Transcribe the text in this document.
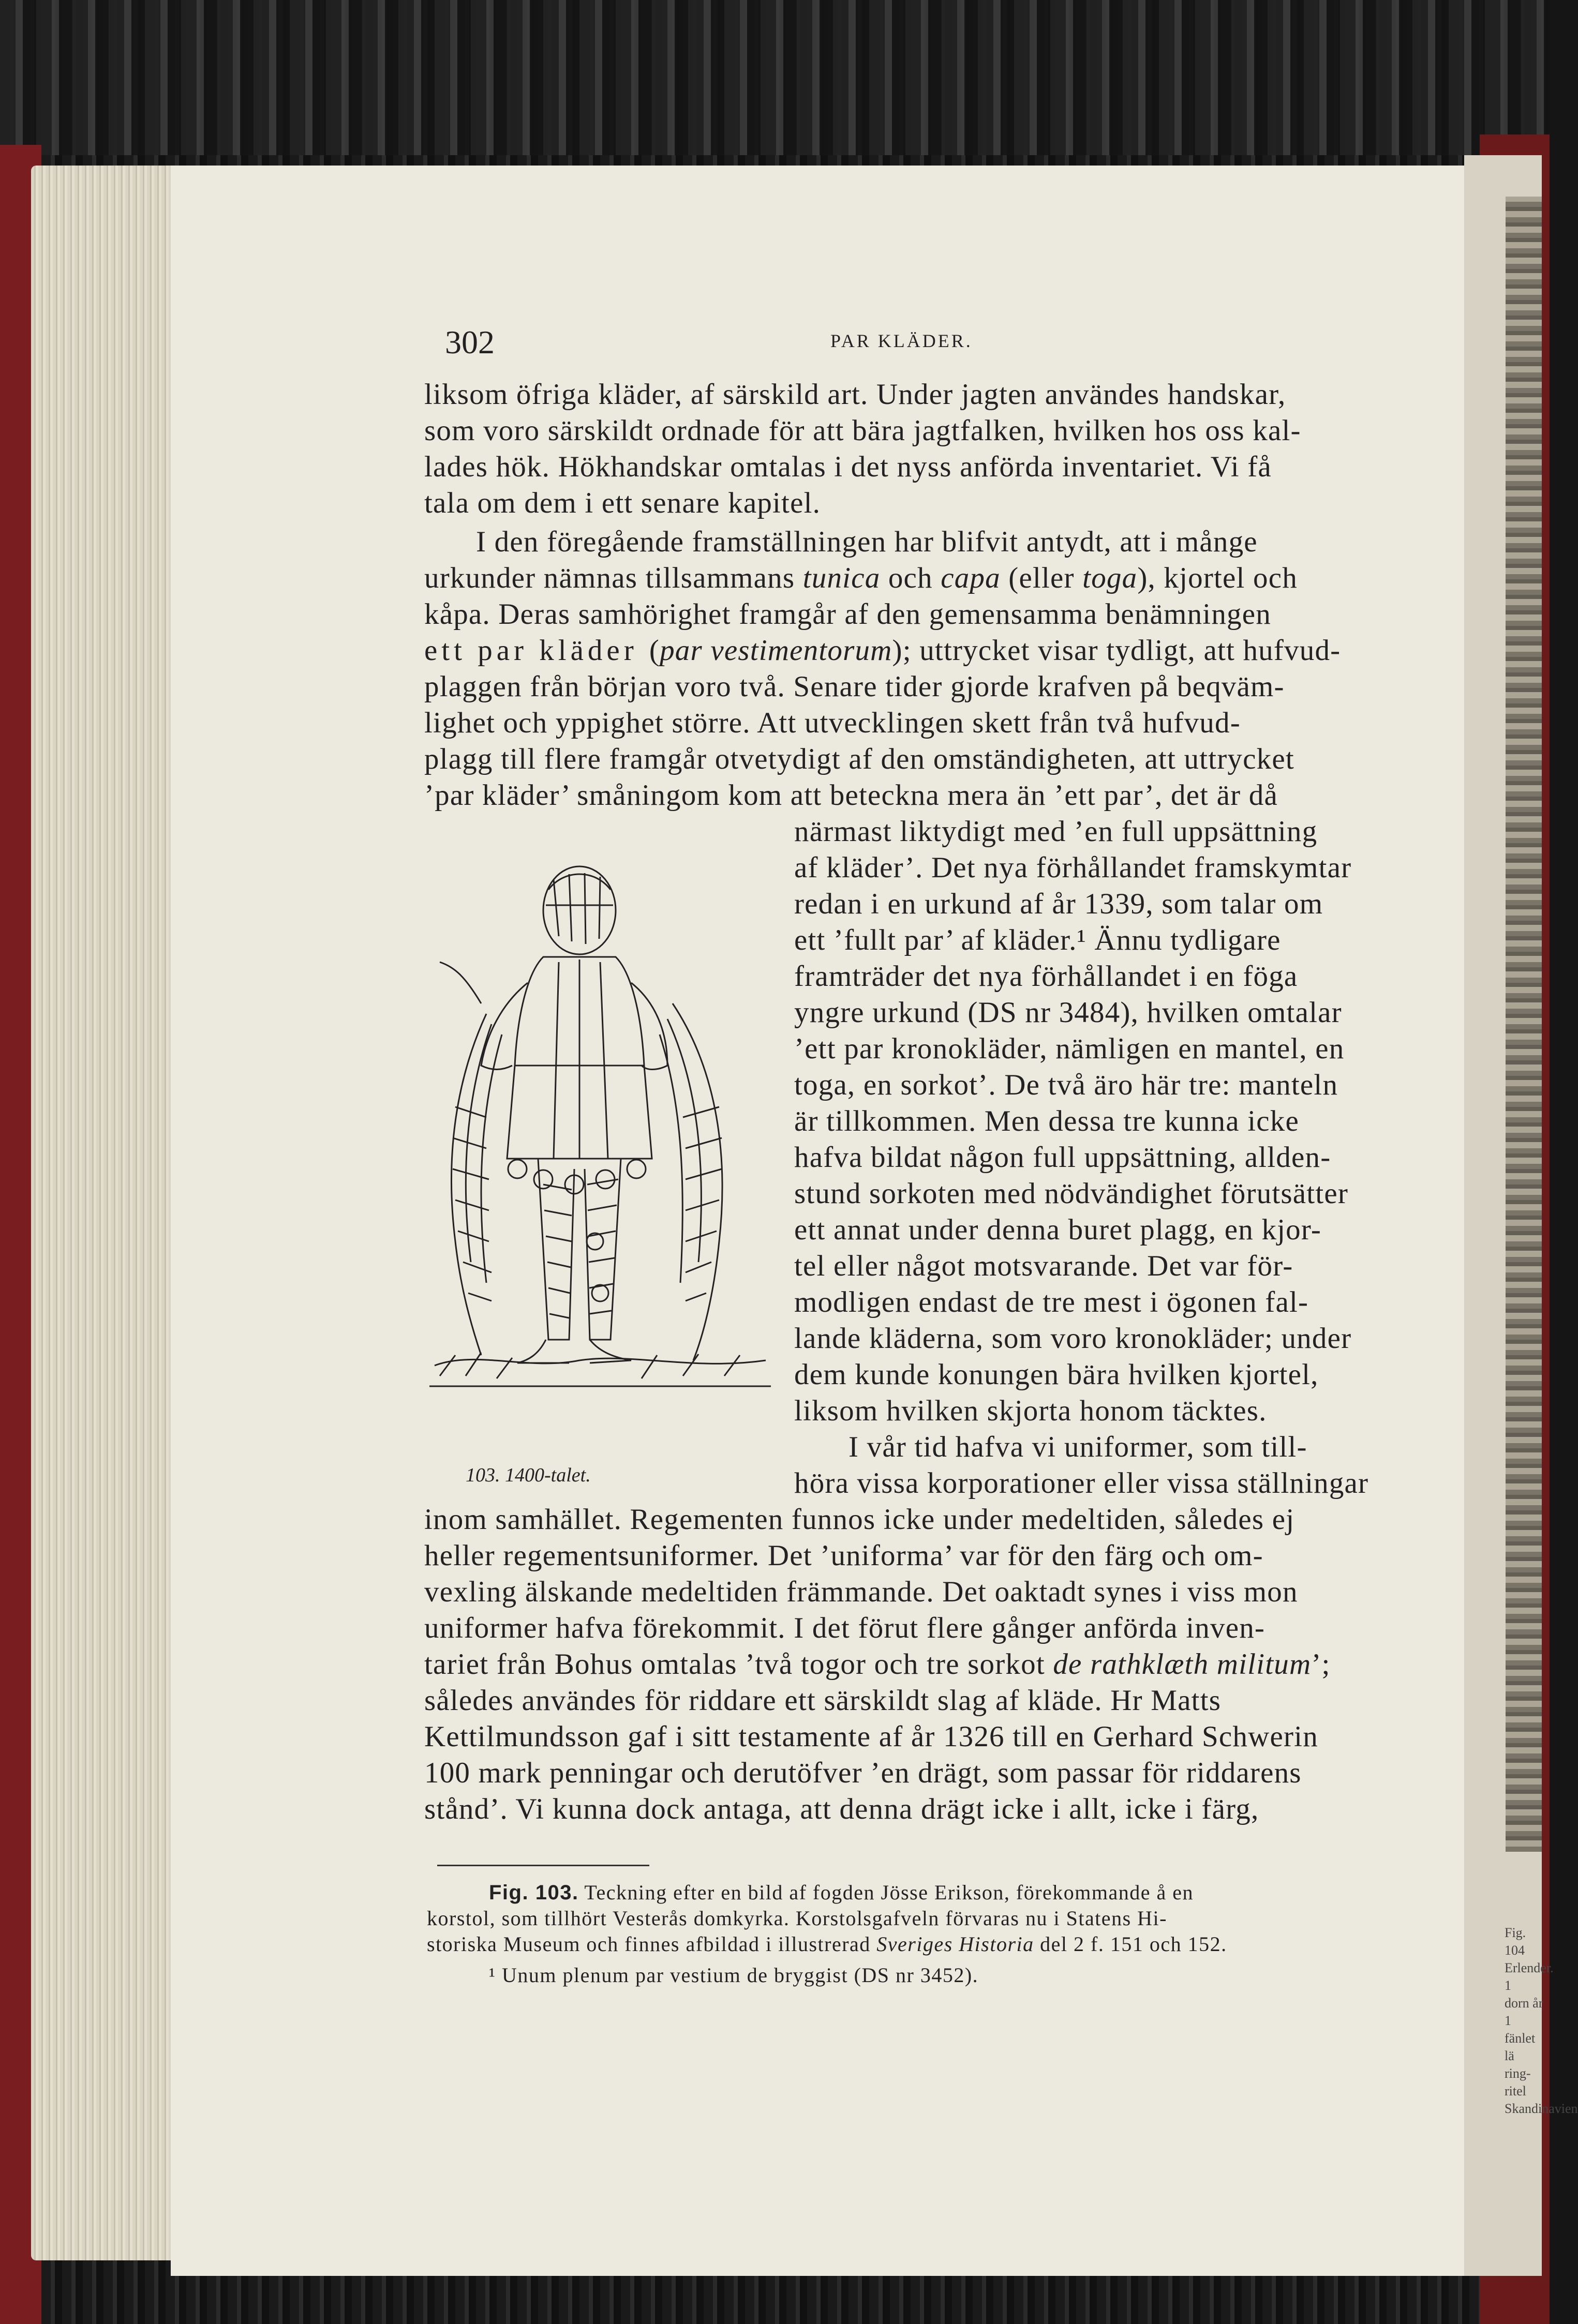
Fig. 104
Erlender. 1
dorn år 1
fänlet lä
ring-ritel
Skandinavien
302	PAR KLÄDER.
liksom öfriga kläder, af särskild art. Under jagten användes handskar,
som voro särskildt ordnade för att bära jagtfalken, hvilken hos oss kal-
lades hök. Hökhandskar omtalas i det nyss anförda inventariet. Vi få
tala om dem i ett senare kapitel.
I den föregående framställningen har blifvit antydt, att i månge
urkunder nämnas tillsammans tunica och capa (eller toga), kjortel och
kåpa. Deras samhörighet framgår af den gemensamma benämningen
ett par kläder (par vestimentorum); uttrycket visar tydligt, att hufvud-
plaggen från början voro två. Senare tider gjorde krafven på beqväm-
lighet och yppighet större. Att utvecklingen skett från två hufvud-
plagg till flere framgår otvetydigt af den omständigheten, att uttrycket
’par kläder’ småningom kom att beteckna mera än ’ett par’, det är då
103. 1400-talet.
närmast liktydigt med ’en full uppsättning
af kläder’. Det nya förhållandet framskymtar
redan i en urkund af år 1339, som talar om
ett ’fullt par’ af kläder.¹ Ännu tydligare
framträder det nya förhållandet i en föga
yngre urkund (DS nr 3484), hvilken omtalar
’ett par kronokläder, nämligen en mantel, en
toga, en sorkot’. De två äro här tre: manteln
är tillkommen. Men dessa tre kunna icke
hafva bildat någon full uppsättning, allden-
stund sorkoten med nödvändighet förutsätter
ett annat under denna buret plagg, en kjor-
tel eller något motsvarande. Det var för-
modligen endast de tre mest i ögonen fal-
lande kläderna, som voro kronokläder; under
dem kunde konungen bära hvilken kjortel,
liksom hvilken skjorta honom täcktes.
I vår tid hafva vi uniformer, som till-
höra vissa korporationer eller vissa ställningar
inom samhället. Regementen funnos icke under medeltiden, således ej
heller regementsuniformer. Det ’uniforma’ var för den färg och om-
vexling älskande medeltiden främmande. Det oaktadt synes i viss mon
uniformer hafva förekommit. I det förut flere gånger anförda inven-
tariet från Bohus omtalas ’två togor och tre sorkot de rathklæth militum’;
således användes för riddare ett särskildt slag af kläde. Hr Matts
Kettilmundsson gaf i sitt testamente af år 1326 till en Gerhard Schwerin
100 mark penningar och derutöfver ’en drägt, som passar för riddarens
stånd’. Vi kunna dock antaga, att denna drägt icke i allt, icke i färg,
Fig. 103. Teckning efter en bild af fogden Jösse Erikson, förekommande å en
korstol, som tillhört Vesterås domkyrka. Korstolsgafveln förvaras nu i Statens Hi-
storiska Museum och finnes afbildad i illustrerad Sveriges Historia del 2 f. 151 och 152.
¹ Unum plenum par vestium de bryggist (DS nr 3452).
